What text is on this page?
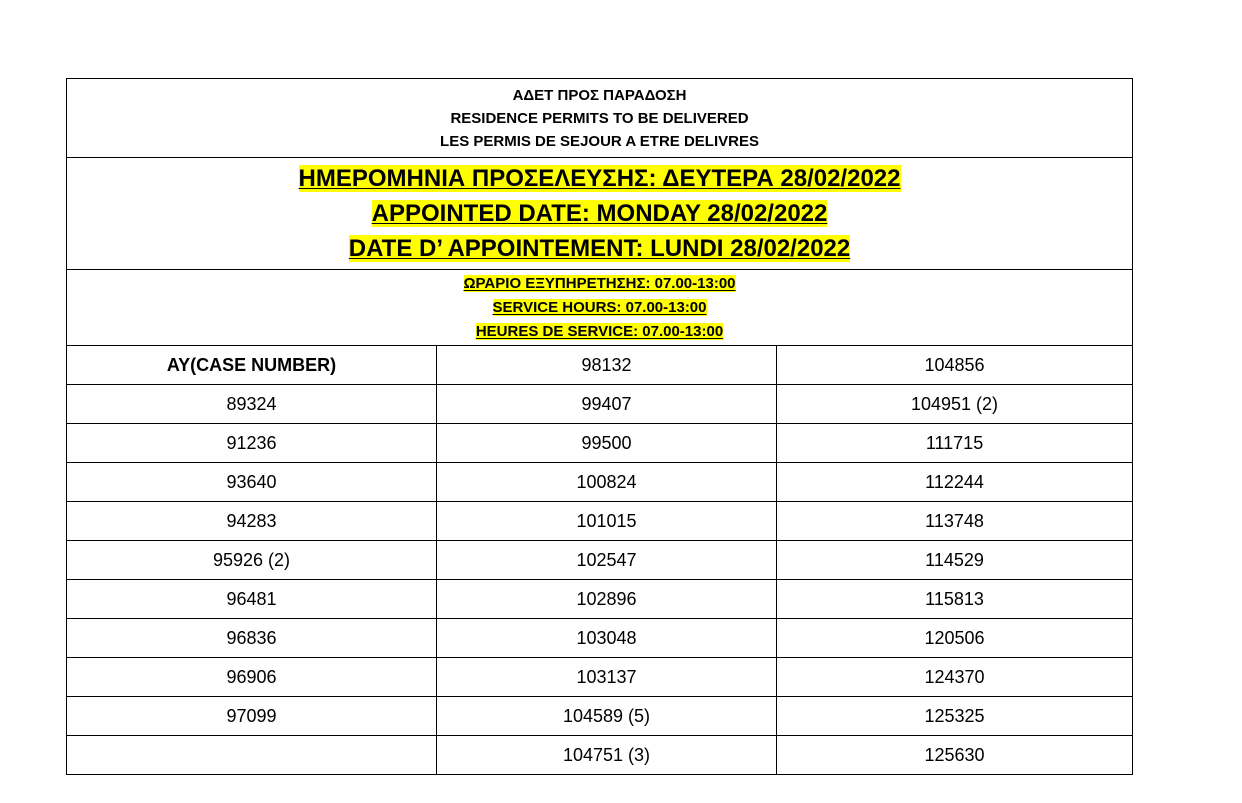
ΑΔΕΤ ΠΡΟΣ ΠΑΡΑΔΟΣΗ
RESIDENCE PERMITS TO BE DELIVERED
LES PERMIS DE SEJOUR A ETRE DELIVRES		

ΗΜΕΡΟΜΗΝΙΑ ΠΡΟΣΕΛΕΥΣΗΣ: ΔΕΥΤΕΡΑ 28/02/2022
APPOINTED DATE: MONDAY 28/02/2022
DATE D’ APPOINTEMENT: LUNDI 28/02/2022		

ΩΡΑΡΙΟ ΕΞΥΠΗΡΕΤΗΣΗΣ: 07.00-13:00
SERVICE HOURS: 07.00-13:00
HEURES DE SERVICE: 07.00-13:00		

AY(CASE NUMBER)	98132	104856
89324	99407	104951 (2)
91236	99500	111715
93640	100824	112244
94283	101015	113748
95926 (2)	102547	114529
96481	102896	115813
96836	103048	120506
96906	103137	124370
97099	104589 (5)	125325
	104751 (3)	125630
